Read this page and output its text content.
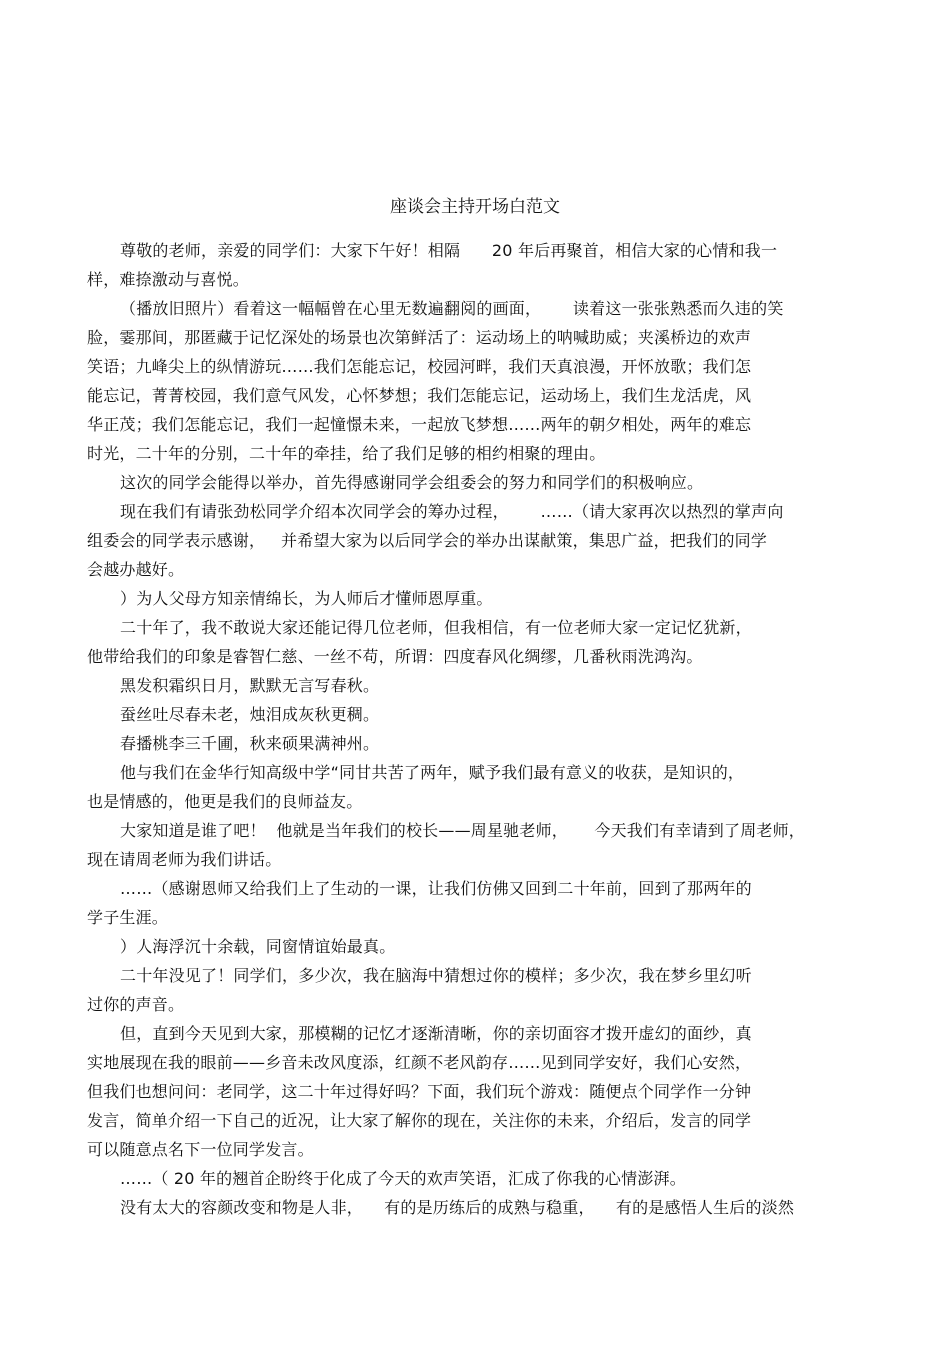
座谈会主持开场白范文

尊敬的老师，亲爱的同学们：大家下午好！相隔      20 年后再聚首，相信大家的心情和我一

样，难捺激动与喜悦。

（播放旧照片）看着这一幅幅曾在心里无数遍翻阅的画面，      读着这一张张熟悉而久违的笑

脸，霎那间，那匿藏于记忆深处的场景也次第鲜活了：运动场上的呐喊助威；夹溪桥边的欢声

笑语；九峰尖上的纵情游玩……我们怎能忘记，校园河畔，我们天真浪漫，开怀放歌；我们怎

能忘记，菁菁校园，我们意气风发，心怀梦想；我们怎能忘记，运动场上，我们生龙活虎，风

华正茂；我们怎能忘记，我们一起憧憬未来，一起放飞梦想……两年的朝夕相处，两年的难忘

时光，二十年的分别，二十年的牵挂，给了我们足够的相约相聚的理由。

这次的同学会能得以举办，首先得感谢同学会组委会的努力和同学们的积极响应。

现在我们有请张劲松同学介绍本次同学会的筹办过程，      ……（请大家再次以热烈的掌声向

组委会的同学表示感谢，   并希望大家为以后同学会的举办出谋献策，集思广益，把我们的同学

会越办越好。

）为人父母方知亲情绵长，为人师后才懂师恩厚重。

二十年了，我不敢说大家还能记得几位老师，但我相信，有一位老师大家一定记忆犹新，

他带给我们的印象是睿智仁慈、一丝不苟，所谓：四度春风化绸缪，几番秋雨洗鸿沟。

黑发积霜织日月，默默无言写春秋。

蚕丝吐尽春未老，烛泪成灰秋更稠。

春播桃李三千圃，秋来硕果满神州。

他与我们在金华行知高级中学“同甘共苦了两年，赋予我们最有意义的收获，是知识的，

也是情感的，他更是我们的良师益友。

大家知道是谁了吧！  他就是当年我们的校长——周星驰老师，     今天我们有幸请到了周老师，

现在请周老师为我们讲话。

……（感谢恩师又给我们上了生动的一课，让我们仿佛又回到二十年前，回到了那两年的

学子生涯。

）人海浮沉十余载，同窗情谊始最真。

二十年没见了！同学们，多少次，我在脑海中猜想过你的模样；多少次，我在梦乡里幻听

过你的声音。

但，直到今天见到大家，那模糊的记忆才逐渐清晰，你的亲切面容才拨开虚幻的面纱，真

实地展现在我的眼前——乡音未改风度添，红颜不老风韵存……见到同学安好，我们心安然，

但我们也想问问：老同学，这二十年过得好吗？下面，我们玩个游戏：随便点个同学作一分钟

发言，简单介绍一下自己的近况，让大家了解你的现在，关注你的未来，介绍后，发言的同学

可以随意点名下一位同学发言。

……（ 20 年的翘首企盼终于化成了今天的欢声笑语，汇成了你我的心情澎湃。

没有太大的容颜改变和物是人非，    有的是历练后的成熟与稳重，    有的是感悟人生后的淡然
